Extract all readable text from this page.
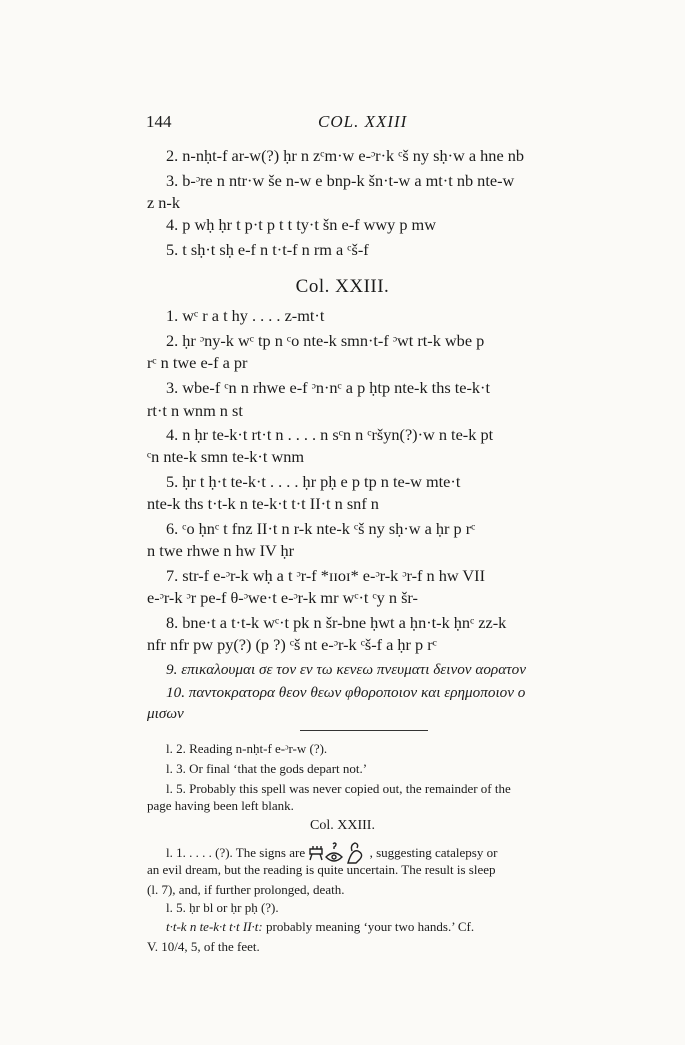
144	COL. XXIII
2. n-nḥt-f ar-w(?) ḥr n zᶜm·w e-ᵓr·k ᶜš ny sḥ·w a hne nb
3. b-ᵓre n ntr·w še n-w e bnp-k šn·t-w a mt·t nb nte-w
z n-k
4. p wḥ ḥr t p·t p t t ty·t šn e-f wwy p mw
5. t sḥ·t sḥ e-f n t·t-f n rm a ᶜš-f
Col. XXIII.
1. wᶜ r a t hy . . . . z-mt·t
2. ḥr ᵓny-k wᶜ tp n ᶜo nte-k smn·t-f ᵓwt rt-k wbe p
rᶜ n twe e-f a pr
3. wbe-f ᶜn n rhwe e-f ᵓn·nᶜ a p ḥtp nte-k ths te-k·t
rt·t n wnm n st
4. n ḥr te-k·t rt·t n . . . . n sᶜn n ᶜršyn(?)·w n te-k pt
ᶜn nte-k smn te-k·t wnm
5. ḥr t ḥ·t te-k·t . . . . ḥr pḥ e p tp n te-w mte·t
nte-k ths t·t-k n te-k·t t·t II·t n snf n
6. ᶜo ḥnᶜ t fnz II·t n r-k nte-k ᶜš ny sḥ·w a ḥr p rᶜ
n twe rhwe n hw IV ḥr
7. str-f e-ᵓr-k wḥ a t ᵓr-f *ɪɪoɪ* e-ᵓr-k ᵓr-f n hw VII
e-ᵓr-k ᵓr pe-f θ-ᵓwe·t e-ᵓr-k mr wᶜ·t ᶜy n šr-
8. bne·t a t·t-k wᶜ·t pk n šr-bne ḥwt a ḥn·t-k ḥnᶜ zz-k
nfr nfr pw py(?) (p ?) ᶜš nt e-ᵓr-k ᶜš-f a ḥr p rᶜ
9. επικαλουμαι σε τον εν τω κενεω πνευματι δεινον αορατον
10. παντοκρατορα θεον θεων φθοροποιον και ερημοποιον ο
μισων
l. 2. Reading n-nḥt-f e-ᵓr-w (?).
l. 3. Or final ‘that the gods depart not.’
l. 5. Probably this spell was never copied out, the remainder of the
page having been left blank.
Col. XXIII.
l. 1. . . . . (?). The signs are	, suggesting catalepsy or
an evil dream, but the reading is quite uncertain. The result is sleep
(l. 7), and, if further prolonged, death.
l. 5. ḥr bl or ḥr pḥ (?).
t·t-k n te-k·t t·t II·t: probably meaning ‘your two hands.’ Cf.
V. 10/4, 5, of the feet.
